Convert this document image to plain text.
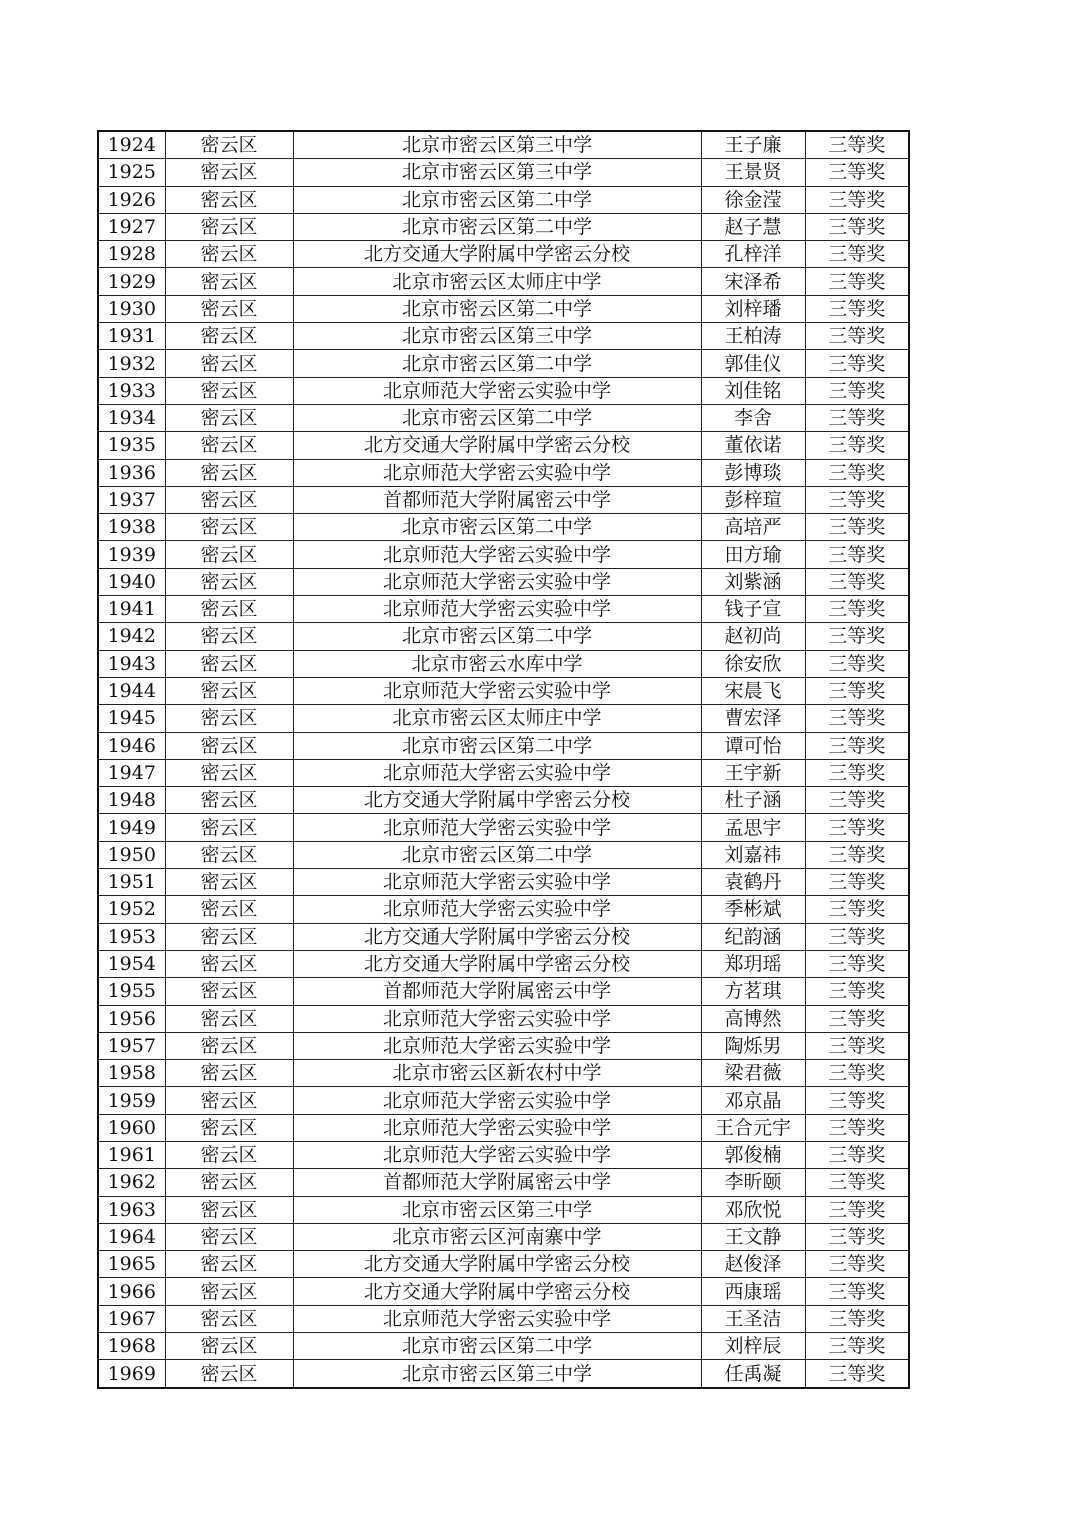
1924	密云区	北京市密云区第三中学	王子廉	三等奖
1925	密云区	北京市密云区第三中学	王景贤	三等奖
1926	密云区	北京市密云区第二中学	徐金滢	三等奖
1927	密云区	北京市密云区第二中学	赵子慧	三等奖
1928	密云区	北方交通大学附属中学密云分校	孔梓洋	三等奖
1929	密云区	北京市密云区太师庄中学	宋泽希	三等奖
1930	密云区	北京市密云区第二中学	刘梓璠	三等奖
1931	密云区	北京市密云区第三中学	王柏涛	三等奖
1932	密云区	北京市密云区第二中学	郭佳仪	三等奖
1933	密云区	北京师范大学密云实验中学	刘佳铭	三等奖
1934	密云区	北京市密云区第二中学	李舍	三等奖
1935	密云区	北方交通大学附属中学密云分校	董依诺	三等奖
1936	密云区	北京师范大学密云实验中学	彭博琰	三等奖
1937	密云区	首都师范大学附属密云中学	彭梓瑄	三等奖
1938	密云区	北京市密云区第二中学	高培严	三等奖
1939	密云区	北京师范大学密云实验中学	田方瑜	三等奖
1940	密云区	北京师范大学密云实验中学	刘紫涵	三等奖
1941	密云区	北京师范大学密云实验中学	钱子宣	三等奖
1942	密云区	北京市密云区第二中学	赵初尚	三等奖
1943	密云区	北京市密云水库中学	徐安欣	三等奖
1944	密云区	北京师范大学密云实验中学	宋晨飞	三等奖
1945	密云区	北京市密云区太师庄中学	曹宏泽	三等奖
1946	密云区	北京市密云区第二中学	谭可怡	三等奖
1947	密云区	北京师范大学密云实验中学	王宇新	三等奖
1948	密云区	北方交通大学附属中学密云分校	杜子涵	三等奖
1949	密云区	北京师范大学密云实验中学	孟思宇	三等奖
1950	密云区	北京市密云区第二中学	刘嘉祎	三等奖
1951	密云区	北京师范大学密云实验中学	袁鹤丹	三等奖
1952	密云区	北京师范大学密云实验中学	季彬斌	三等奖
1953	密云区	北方交通大学附属中学密云分校	纪韵涵	三等奖
1954	密云区	北方交通大学附属中学密云分校	郑玥瑶	三等奖
1955	密云区	首都师范大学附属密云中学	方茗琪	三等奖
1956	密云区	北京师范大学密云实验中学	高博然	三等奖
1957	密云区	北京师范大学密云实验中学	陶烁男	三等奖
1958	密云区	北京市密云区新农村中学	梁君薇	三等奖
1959	密云区	北京师范大学密云实验中学	邓京晶	三等奖
1960	密云区	北京师范大学密云实验中学	王合元宇	三等奖
1961	密云区	北京师范大学密云实验中学	郭俊楠	三等奖
1962	密云区	首都师范大学附属密云中学	李昕颐	三等奖
1963	密云区	北京市密云区第三中学	邓欣悦	三等奖
1964	密云区	北京市密云区河南寨中学	王文静	三等奖
1965	密云区	北方交通大学附属中学密云分校	赵俊泽	三等奖
1966	密云区	北方交通大学附属中学密云分校	西康瑶	三等奖
1967	密云区	北京师范大学密云实验中学	王圣洁	三等奖
1968	密云区	北京市密云区第二中学	刘梓辰	三等奖
1969	密云区	北京市密云区第三中学	任禹凝	三等奖
